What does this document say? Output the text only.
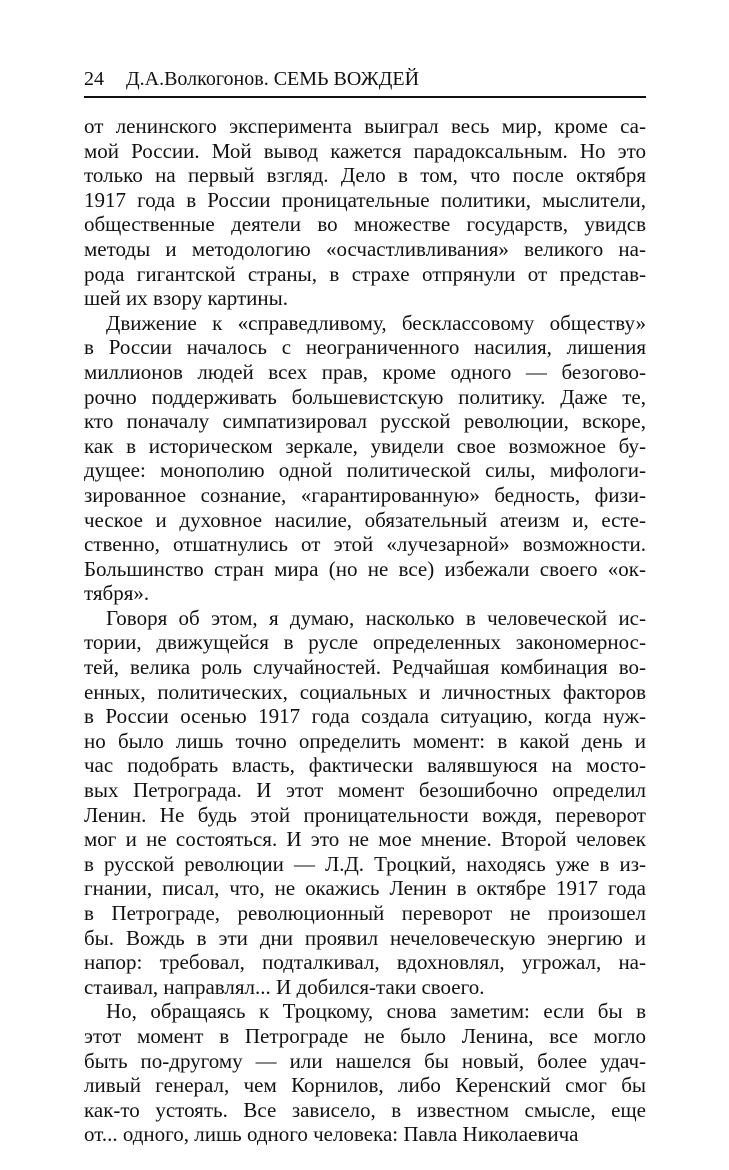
24 Д.А.Волкогонов. СЕМЬ ВОЖДЕЙ
от ленинского эксперимента выиграл весь мир, кроме са-
мой России. Мой вывод кажется парадоксальным. Но это
только на первый взгляд. Дело в том, что после октября
1917 года в России проницательные политики, мыслители,
общественные деятели во множестве государств, увидсв
методы и методологию «осчастливливания» великого на-
рода гигантской страны, в страхе отпрянули от представ-
шей их взору картины.
Движение к «справедливому, бесклассовому обществу»
в России началось с неограниченного насилия, лишения
миллионов людей всех прав, кроме одного — безогово-
рочно поддерживать большевистскую политику. Даже те,
кто поначалу симпатизировал русской революции, вскоре,
как в историческом зеркале, увидели свое возможное бу-
дущее: монополию одной политической силы, мифологи-
зированное сознание, «гарантированную» бедность, физи-
ческое и духовное насилие, обязательный атеизм и, есте-
ственно, отшатнулись от этой «лучезарной» возможности.
Большинство стран мира (но не все) избежали своего «ок-
тября».
Говоря об этом, я думаю, насколько в человеческой ис-
тории, движущейся в русле определенных закономернос-
тей, велика роль случайностей. Редчайшая комбинация во-
енных, политических, социальных и личностных факторов
в России осенью 1917 года создала ситуацию, когда нуж-
но было лишь точно определить момент: в какой день и
час подобрать власть, фактически валявшуюся на мосто-
вых Петрограда. И этот момент безошибочно определил
Ленин. Не будь этой проницательности вождя, переворот
мог и не состояться. И это не мое мнение. Второй человек
в русской революции — Л.Д. Троцкий, находясь уже в из-
гнании, писал, что, не окажись Ленин в октябре 1917 года
в Петрограде, революционный переворот не произошел
бы. Вождь в эти дни проявил нечеловеческую энергию и
напор: требовал, подталкивал, вдохновлял, угрожал, на-
стаивал, направлял... И добился-таки своего.
Но, обращаясь к Троцкому, снова заметим: если бы в
этот момент в Петрограде не было Ленина, все могло
быть по-другому — или нашелся бы новый, более удач-
ливый генерал, чем Корнилов, либо Керенский смог бы
как-то устоять. Все зависело, в известном смысле, еще
от... одного, лишь одного человека: Павла Николаевича
